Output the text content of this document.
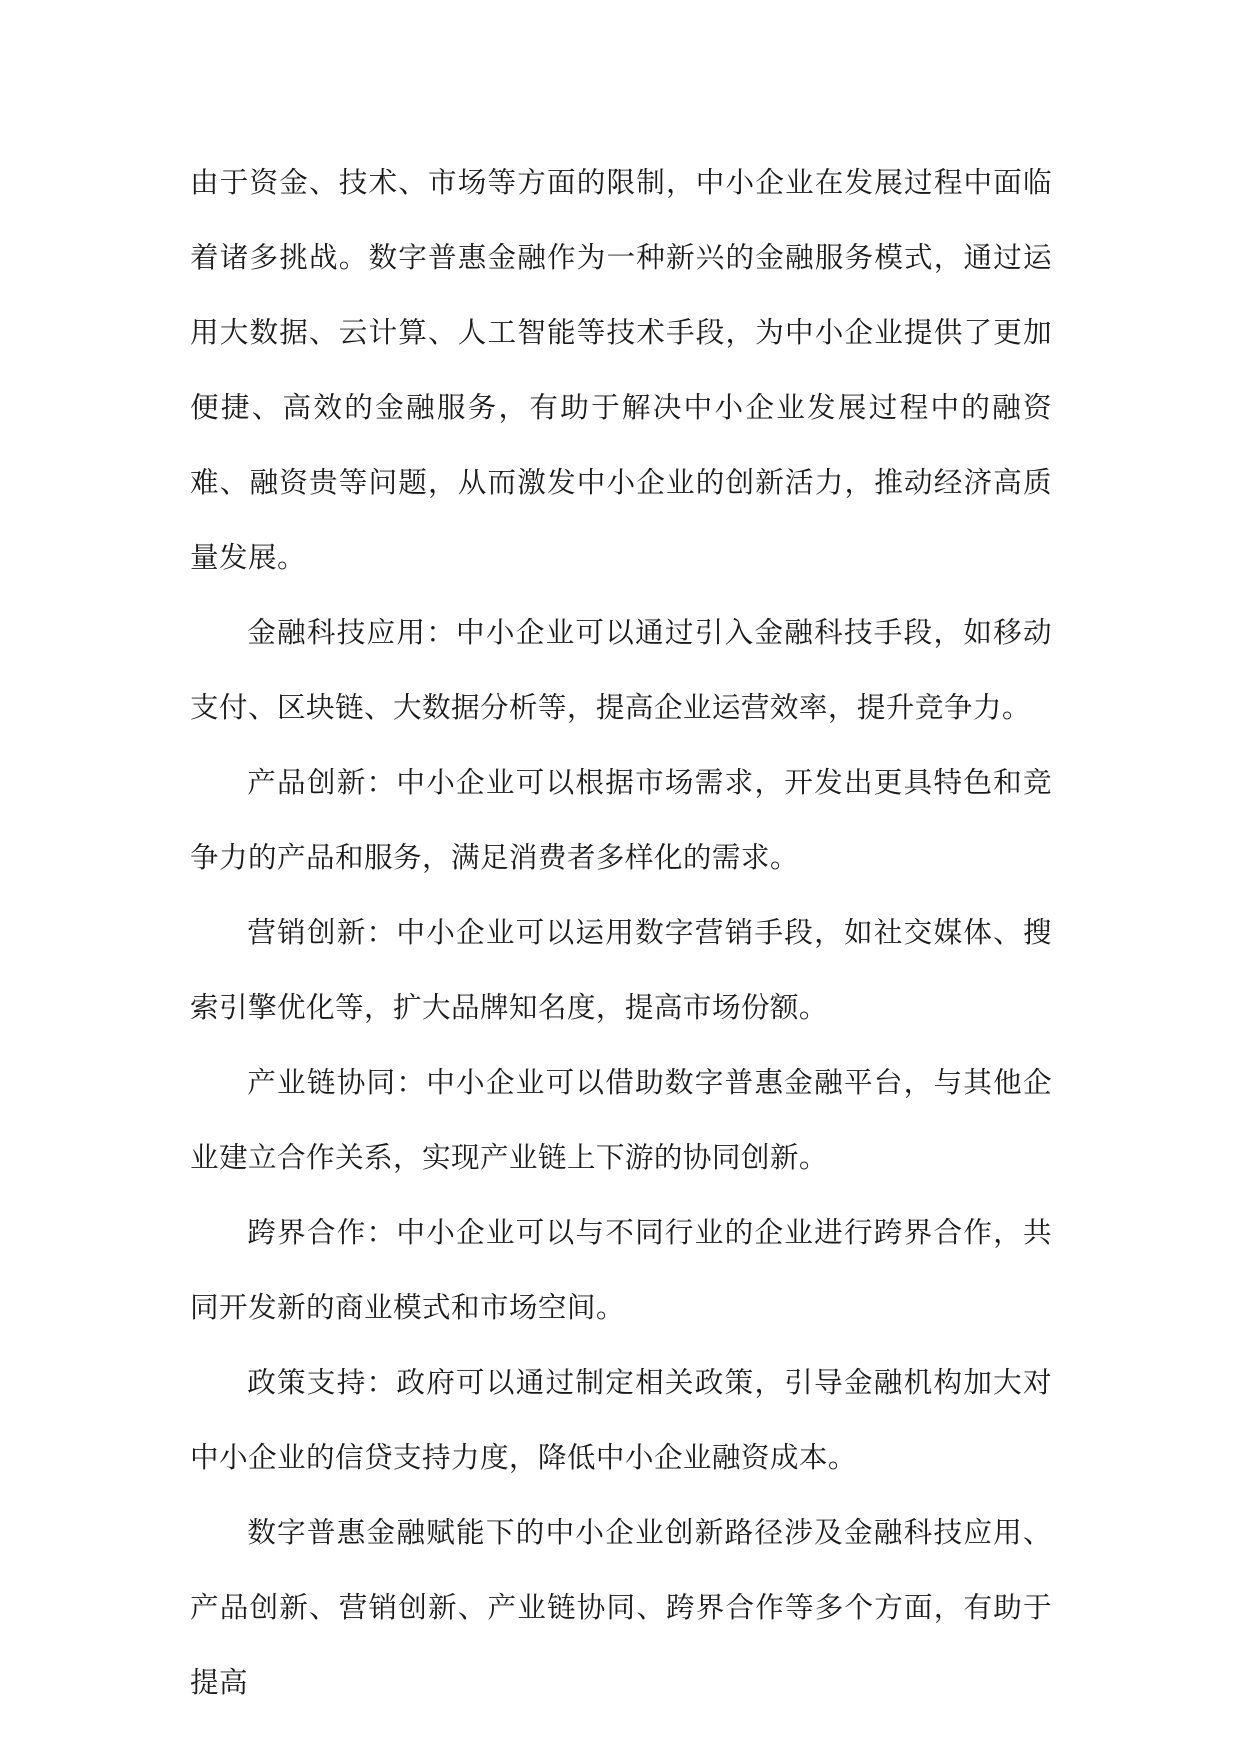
由于资金、技术、市场等方面的限制，中小企业在发展过程中面临着诸多挑战。数字普惠金融作为一种新兴的金融服务模式，通过运用大数据、云计算、人工智能等技术手段，为中小企业提供了更加便捷、高效的金融服务，有助于解决中小企业发展过程中的融资难、融资贵等问题，从而激发中小企业的创新活力，推动经济高质量发展。

金融科技应用：中小企业可以通过引入金融科技手段，如移动支付、区块链、大数据分析等，提高企业运营效率，提升竞争力。

产品创新：中小企业可以根据市场需求，开发出更具特色和竞争力的产品和服务，满足消费者多样化的需求。

营销创新：中小企业可以运用数字营销手段，如社交媒体、搜索引擎优化等，扩大品牌知名度，提高市场份额。

产业链协同：中小企业可以借助数字普惠金融平台，与其他企业建立合作关系，实现产业链上下游的协同创新。

跨界合作：中小企业可以与不同行业的企业进行跨界合作，共同开发新的商业模式和市场空间。

政策支持：政府可以通过制定相关政策，引导金融机构加大对中小企业的信贷支持力度，降低中小企业融资成本。

数字普惠金融赋能下的中小企业创新路径涉及金融科技应用、产品创新、营销创新、产业链协同、跨界合作等多个方面，有助于提高
